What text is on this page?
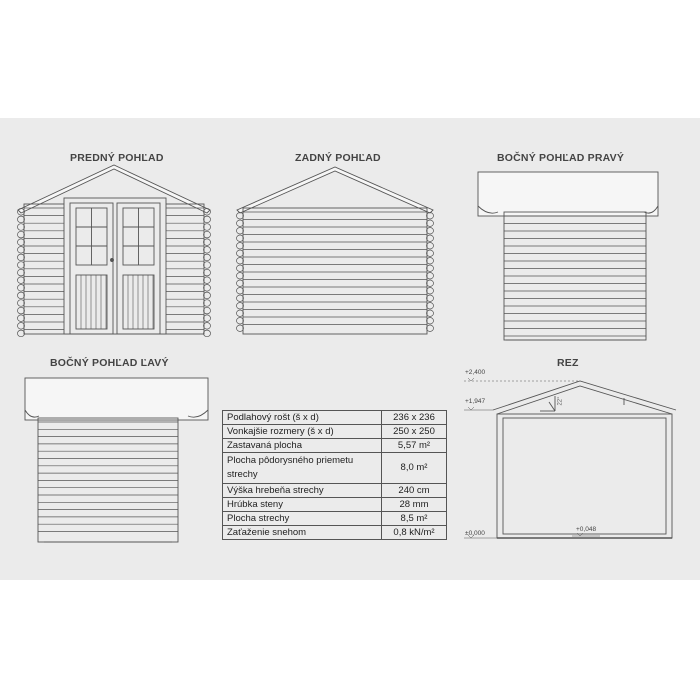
PREDNÝ POHĽAD	ZADNÝ POHĽAD	BOČNÝ POHĽAD PRAVÝ
BOČNÝ POHĽAD ĽAVÝ	REZ
+2,400
+1,947
+0,048
±0,000
22°
Podlahový rošt (š x d)	236 x 236
Vonkajšie rozmery (š x d)	250 x 250
Zastavaná plocha	5,57 m²
Plocha pôdorysného priemetu strechy	8,0 m²
Výška hrebeňa strechy	240 cm
Hrúbka steny	28 mm
Plocha strechy	8,5 m²
Zaťaženie snehom	0,8 kN/m²
